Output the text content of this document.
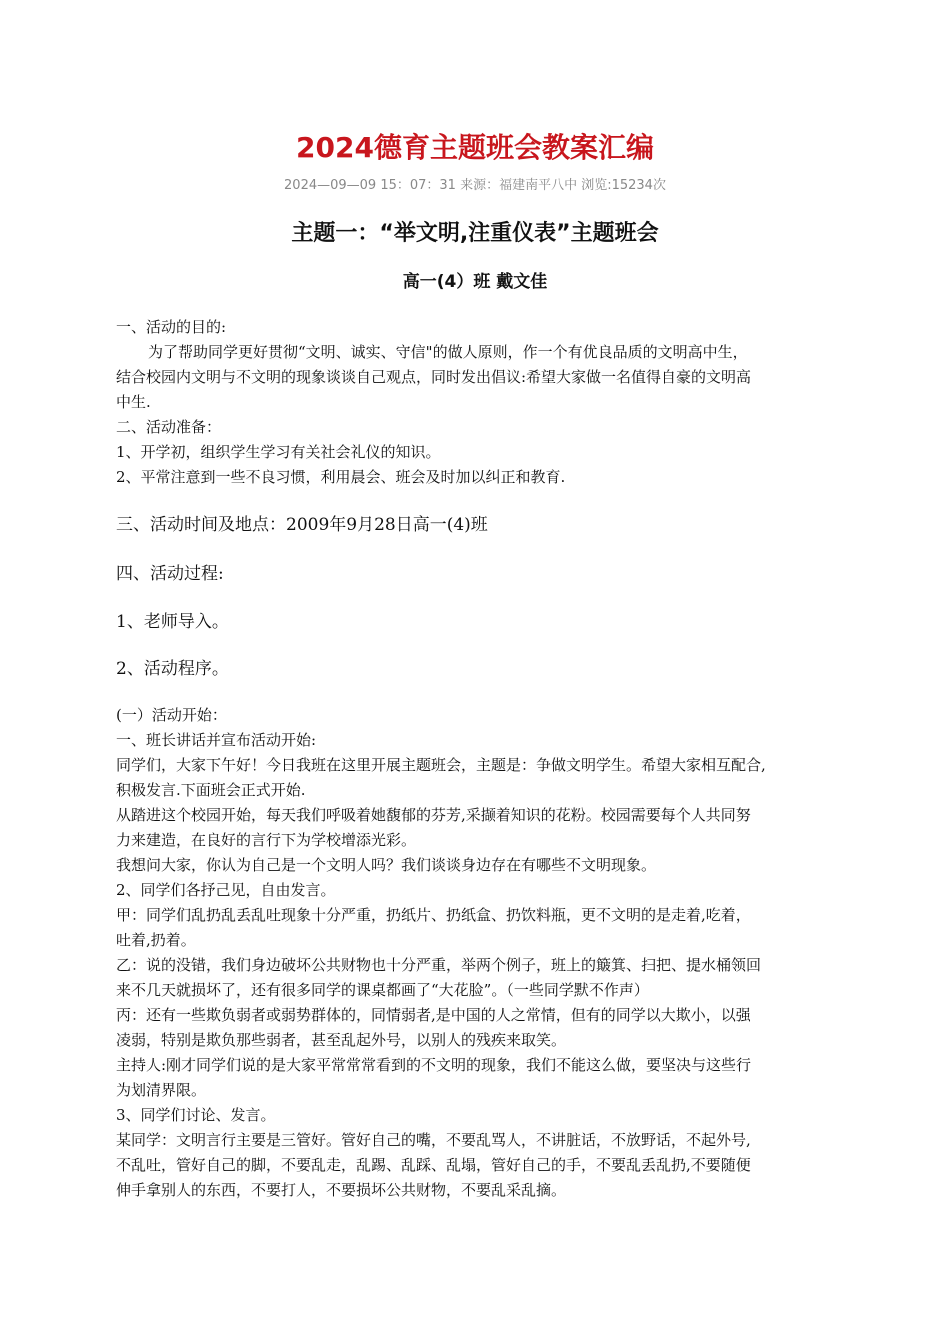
2024德育主题班会教案汇编
2024—09—09 15：07：31 来源：福建南平八中 浏览:15234次
主题一：“举文明,注重仪表”主题班会
高一(4）班 戴文佳
一、活动的目的:
为了帮助同学更好贯彻“文明、诚实、守信"的做人原则，作一个有优良品质的文明高中生，
结合校园内文明与不文明的现象谈谈自己观点，同时发出倡议:希望大家做一名值得自豪的文明高
中生.
二、活动准备：
1、开学初，组织学生学习有关社会礼仪的知识。
2、平常注意到一些不良习惯，利用晨会、班会及时加以纠正和教育.
三、活动时间及地点：2009年9月28日高一(4)班
四、活动过程:
1、老师导入。
2、活动程序。
(一）活动开始：
一、班长讲话并宣布活动开始:
同学们，大家下午好！今日我班在这里开展主题班会，主题是：争做文明学生。希望大家相互配合,
积极发言.下面班会正式开始.
从踏进这个校园开始，每天我们呼吸着她馥郁的芬芳,采撷着知识的花粉。校园需要每个人共同努
力来建造，在良好的言行下为学校增添光彩。
我想问大家，你认为自己是一个文明人吗？我们谈谈身边存在有哪些不文明现象。
2、同学们各抒己见，自由发言。
甲：同学们乱扔乱丢乱吐现象十分严重，扔纸片、扔纸盒、扔饮料瓶，更不文明的是走着,吃着，
吐着,扔着。
乙：说的没错，我们身边破坏公共财物也十分严重，举两个例子，班上的簸箕、扫把、提水桶领回
来不几天就损坏了，还有很多同学的课桌都画了“大花脸”。（一些同学默不作声）
丙：还有一些欺负弱者或弱势群体的，同情弱者,是中国的人之常情，但有的同学以大欺小，以强
凌弱，特别是欺负那些弱者，甚至乱起外号，以别人的残疾来取笑。
主持人:刚才同学们说的是大家平常常常看到的不文明的现象，我们不能这么做，要坚决与这些行
为划清界限。
3、同学们讨论、发言。
某同学：文明言行主要是三管好。管好自己的嘴，不要乱骂人，不讲脏话，不放野话，不起外号,
不乱吐，管好自己的脚，不要乱走，乱踢、乱踩、乱塌，管好自己的手，不要乱丢乱扔,不要随便
伸手拿别人的东西，不要打人，不要损坏公共财物，不要乱采乱摘。
